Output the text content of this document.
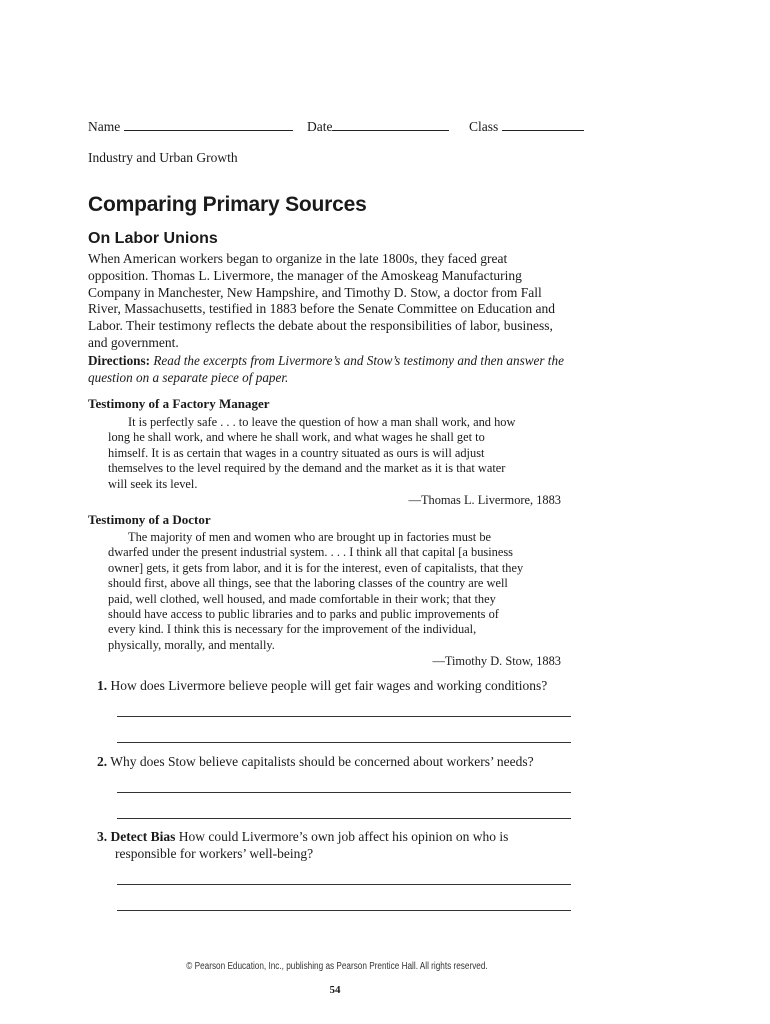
Name	Date	Class
Industry and Urban Growth
Comparing Primary Sources
On Labor Unions
When American workers began to organize in the late 1800s, they faced great
opposition. Thomas L. Livermore, the manager of the Amoskeag Manufacturing
Company in Manchester, New Hampshire, and Timothy D. Stow, a doctor from Fall
River, Massachusetts, testified in 1883 before the Senate Committee on Education and
Labor. Their testimony reflects the debate about the responsibilities of labor, business,
and government.
Directions: Read the excerpts from Livermore’s and Stow’s testimony and then answer the
question on a separate piece of paper.
Testimony of a Factory Manager
It is perfectly safe . . . to leave the question of how a man shall work, and how
long he shall work, and where he shall work, and what wages he shall get to
himself. It is as certain that wages in a country situated as ours is will adjust
themselves to the level required by the demand and the market as it is that water
will seek its level.
—Thomas L. Livermore, 1883
Testimony of a Doctor
The majority of men and women who are brought up in factories must be
dwarfed under the present industrial system. . . . I think all that capital [a business
owner] gets, it gets from labor, and it is for the interest, even of capitalists, that they
should first, above all things, see that the laboring classes of the country are well
paid, well clothed, well housed, and made comfortable in their work; that they
should have access to public libraries and to parks and public improvements of
every kind. I think this is necessary for the improvement of the individual,
physically, morally, and mentally.
—Timothy D. Stow, 1883
1. How does Livermore believe people will get fair wages and working conditions?
2. Why does Stow believe capitalists should be concerned about workers’ needs?
3. Detect Bias How could Livermore’s own job affect his opinion on who is
responsible for workers’ well-being?
© Pearson Education, Inc., publishing as Pearson Prentice Hall. All rights reserved.
54
